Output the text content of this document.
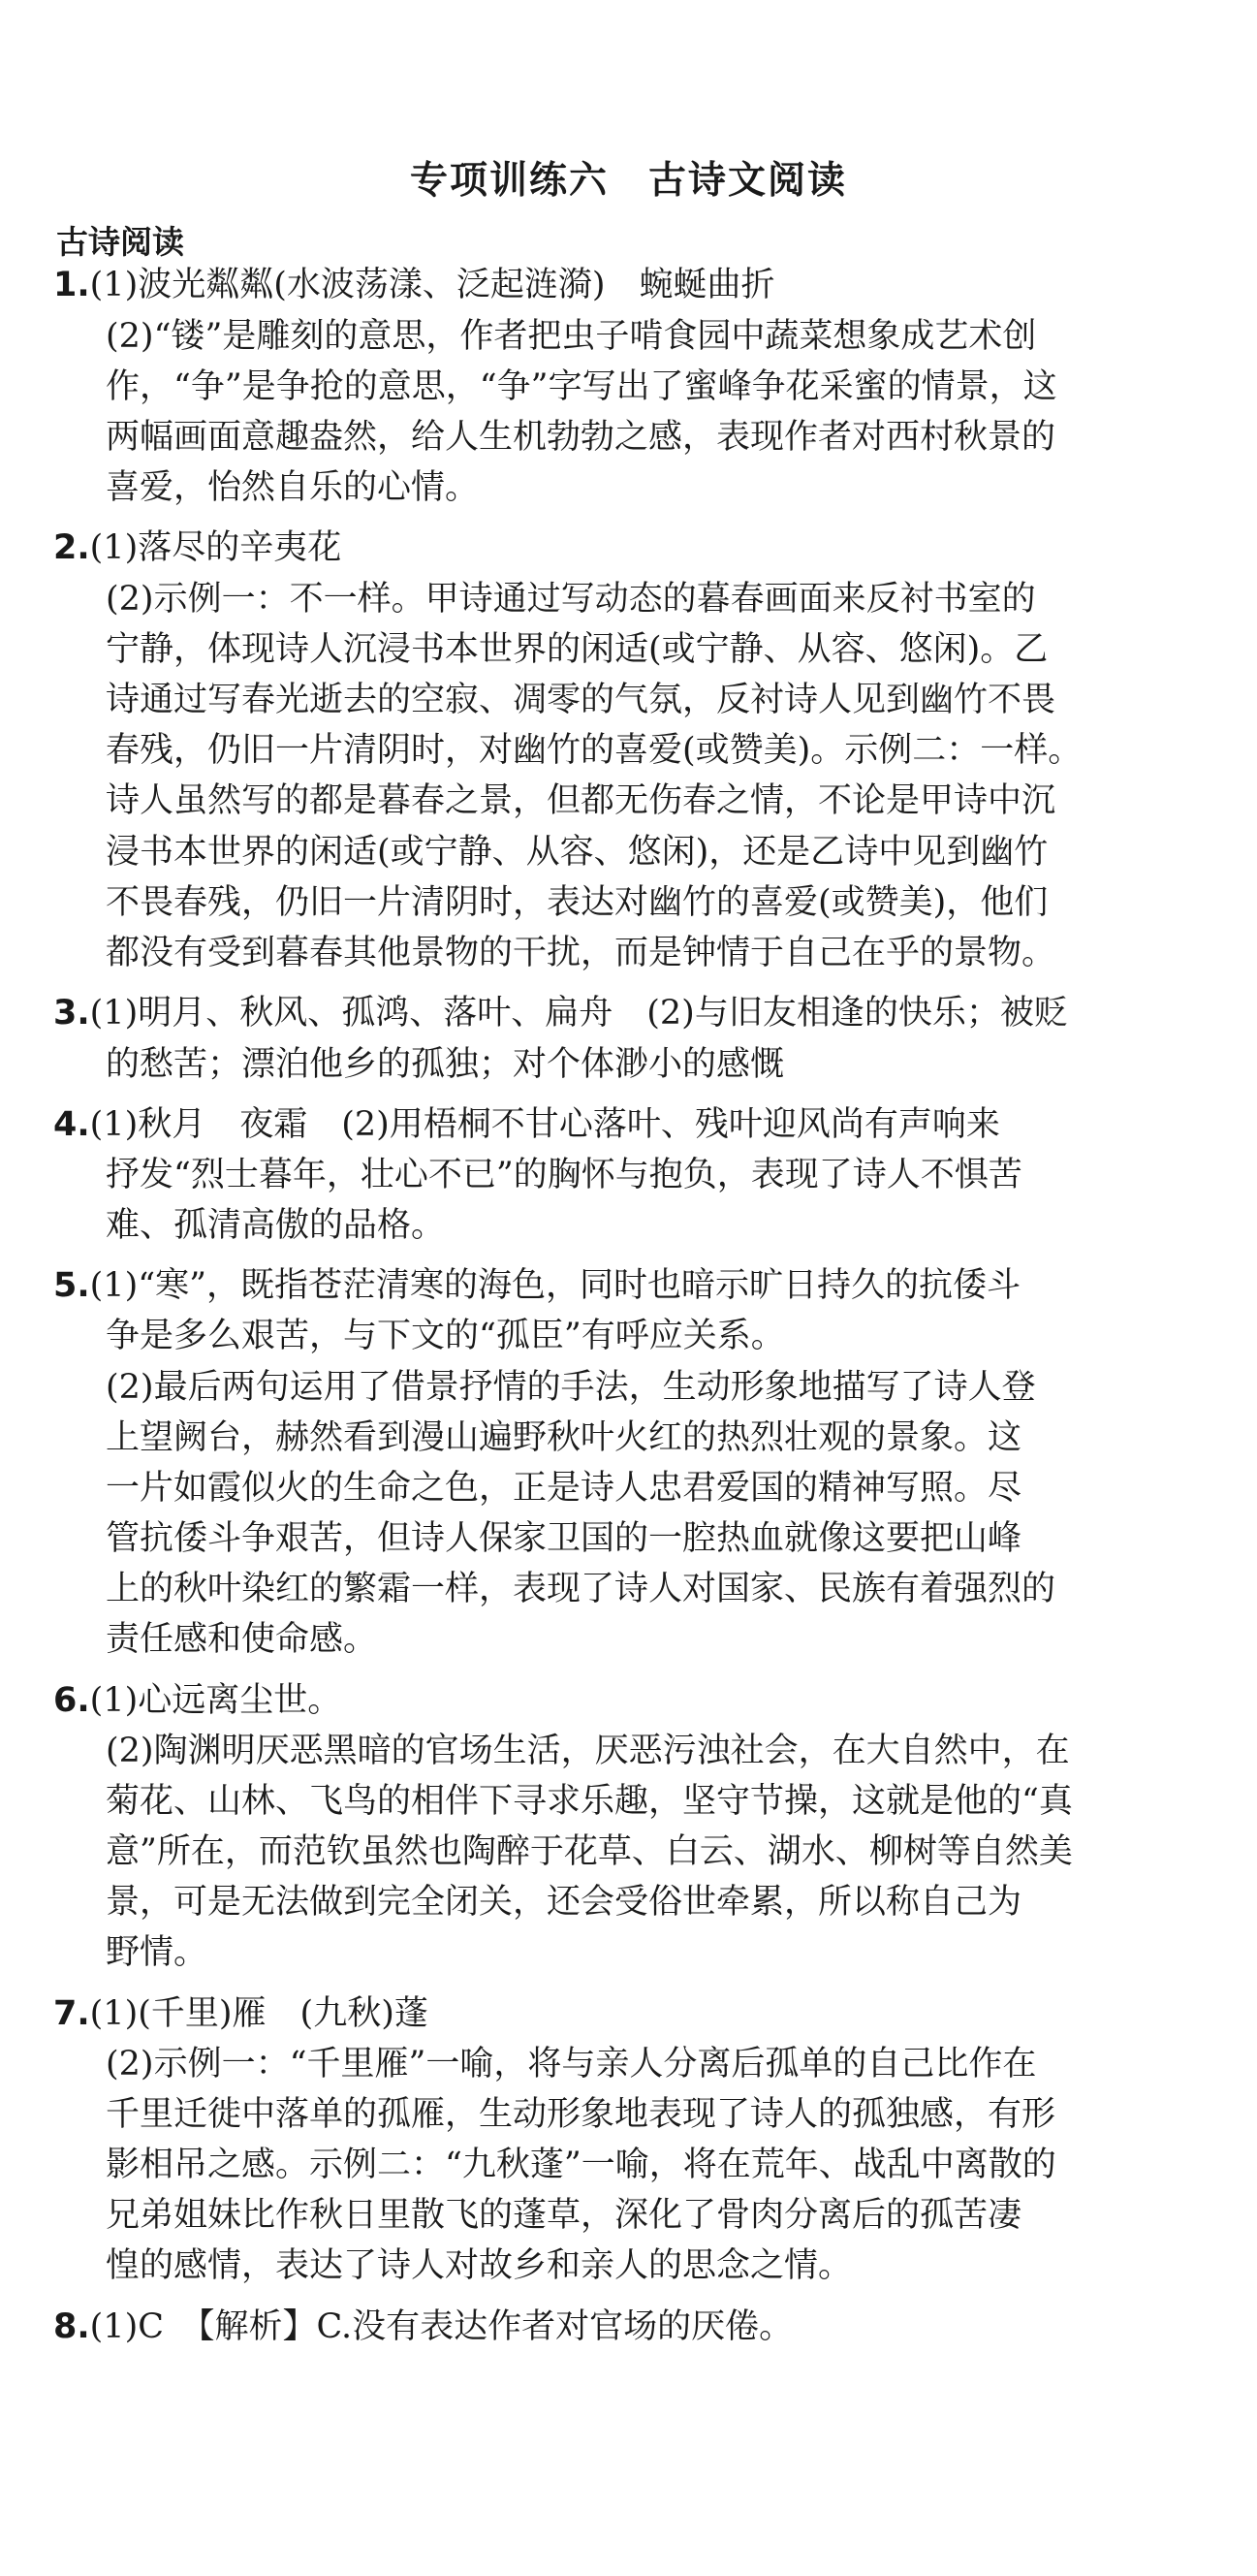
专项训练六　古诗文阅读
古诗阅读
1.(1)波光粼粼(水波荡漾、泛起涟漪)　蜿蜒曲折
(2)“镂”是雕刻的意思，作者把虫子啃食园中蔬菜想象成艺术创
作，“争”是争抢的意思，“争”字写出了蜜峰争花采蜜的情景，这
两幅画面意趣盎然，给人生机勃勃之感，表现作者对西村秋景的
喜爱，怡然自乐的心情。
2.(1)落尽的辛夷花
(2)示例一：不一样。甲诗通过写动态的暮春画面来反衬书室的
宁静，体现诗人沉浸书本世界的闲适(或宁静、从容、悠闲)。乙
诗通过写春光逝去的空寂、凋零的气氛，反衬诗人见到幽竹不畏
春残，仍旧一片清阴时，对幽竹的喜爱(或赞美)。示例二：一样。
诗人虽然写的都是暮春之景，但都无伤春之情，不论是甲诗中沉
浸书本世界的闲适(或宁静、从容、悠闲)，还是乙诗中见到幽竹
不畏春残，仍旧一片清阴时，表达对幽竹的喜爱(或赞美)，他们
都没有受到暮春其他景物的干扰，而是钟情于自己在乎的景物。
3.(1)明月、秋风、孤鸿、落叶、扁舟　(2)与旧友相逢的快乐；被贬
的愁苦；漂泊他乡的孤独；对个体渺小的感慨
4.(1)秋月　夜霜　(2)用梧桐不甘心落叶、残叶迎风尚有声响来
抒发“烈士暮年，壮心不已”的胸怀与抱负，表现了诗人不惧苦
难、孤清高傲的品格。
5.(1)“寒”，既指苍茫清寒的海色，同时也暗示旷日持久的抗倭斗
争是多么艰苦，与下文的“孤臣”有呼应关系。
(2)最后两句运用了借景抒情的手法，生动形象地描写了诗人登
上望阙台，赫然看到漫山遍野秋叶火红的热烈壮观的景象。这
一片如霞似火的生命之色，正是诗人忠君爱国的精神写照。尽
管抗倭斗争艰苦，但诗人保家卫国的一腔热血就像这要把山峰
上的秋叶染红的繁霜一样，表现了诗人对国家、民族有着强烈的
责任感和使命感。
6.(1)心远离尘世。
(2)陶渊明厌恶黑暗的官场生活，厌恶污浊社会，在大自然中，在
菊花、山林、飞鸟的相伴下寻求乐趣，坚守节操，这就是他的“真
意”所在，而范钦虽然也陶醉于花草、白云、湖水、柳树等自然美
景，可是无法做到完全闭关，还会受俗世牵累，所以称自己为
野情。
7.(1)(千里)雁　(九秋)蓬
(2)示例一：“千里雁”一喻，将与亲人分离后孤单的自己比作在
千里迁徙中落单的孤雁，生动形象地表现了诗人的孤独感，有形
影相吊之感。示例二：“九秋蓬”一喻，将在荒年、战乱中离散的
兄弟姐妹比作秋日里散飞的蓬草，深化了骨肉分离后的孤苦凄
惶的感情，表达了诗人对故乡和亲人的思念之情。
8.(1)C　【解析】C.没有表达作者对官场的厌倦。
